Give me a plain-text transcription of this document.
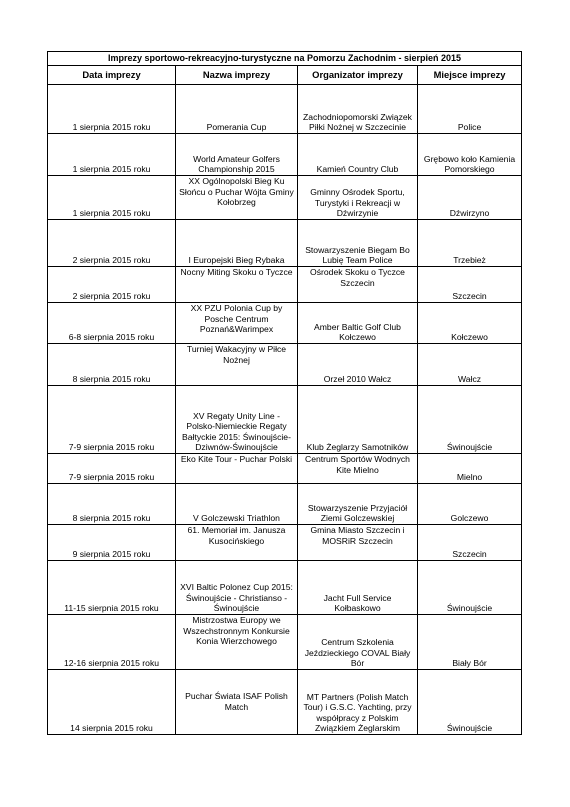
Imprezy sportowo-rekreacyjno-turystyczne na Pomorzu Zachodnim - sierpień 2015			
Data imprezy	Nazwa imprezy	Organizator imprezy	Miejsce imprezy
1 sierpnia 2015 roku	Pomerania Cup	Zachodniopomorski Związek Piłki Nożnej w Szczecinie	Police
1 sierpnia 2015 roku	World Amateur Golfers Championship 2015	Kamień Country Club	Grębowo koło Kamienia Pomorskiego
1 sierpnia 2015 roku	XX Ogólnopolski Bieg Ku Słońcu o Puchar Wójta Gminy Kołobrzeg	Gminny Ośrodek Sportu, Turystyki i Rekreacji w Dźwirzynie	Dźwirzyno
2 sierpnia 2015 roku	I Europejski Bieg Rybaka	Stowarzyszenie Biegam Bo Lubię Team Police	Trzebież
2 sierpnia 2015 roku	Nocny Miting Skoku o Tyczce	Ośrodek Skoku o Tyczce Szczecin	Szczecin
6-8 sierpnia 2015 roku	XX PZU Polonia Cup by Posche Centrum Poznań&Warimpex	Amber Baltic Golf Club Kołczewo	Kołczewo
8 sierpnia 2015 roku	Turniej Wakacyjny w Piłce Nożnej	Orzeł 2010 Wałcz	Wałcz
7-9 sierpnia 2015 roku	XV Regaty Unity Line - Polsko-Niemieckie Regaty Bałtyckie 2015: Świnoujście-Dziwnów-Świnoujście	Klub Żeglarzy Samotników	Świnoujście
7-9 sierpnia 2015 roku	Eko Kite Tour - Puchar Polski	Centrum Sportów Wodnych Kite Mielno	Mielno
8 sierpnia 2015 roku	V Golczewski Triathlon	Stowarzyszenie Przyjaciół Ziemi Golczewskiej	Golczewo
9 sierpnia 2015 roku	61. Memoriał im. Janusza Kusocińskiego	Gmina Miasto Szczecin i MOSRiR Szczecin	Szczecin
11-15 sierpnia 2015 roku	XVI Baltic Polonez Cup 2015: Świnoujście - Christianso - Świnoujście	Jacht Full Service Kołbaskowo	Świnoujście
12-16 sierpnia 2015 roku	Mistrzostwa Europy we Wszechstronnym Konkursie Konia Wierzchowego	Centrum Szkolenia Jeździeckiego COVAL Biały Bór	Biały Bór
14 sierpnia 2015 roku	Puchar Świata ISAF Polish Match	MT Partners (Polish Match Tour) i G.S.C. Yachting, przy współpracy z Polskim Związkiem Żeglarskim	Świnoujście
